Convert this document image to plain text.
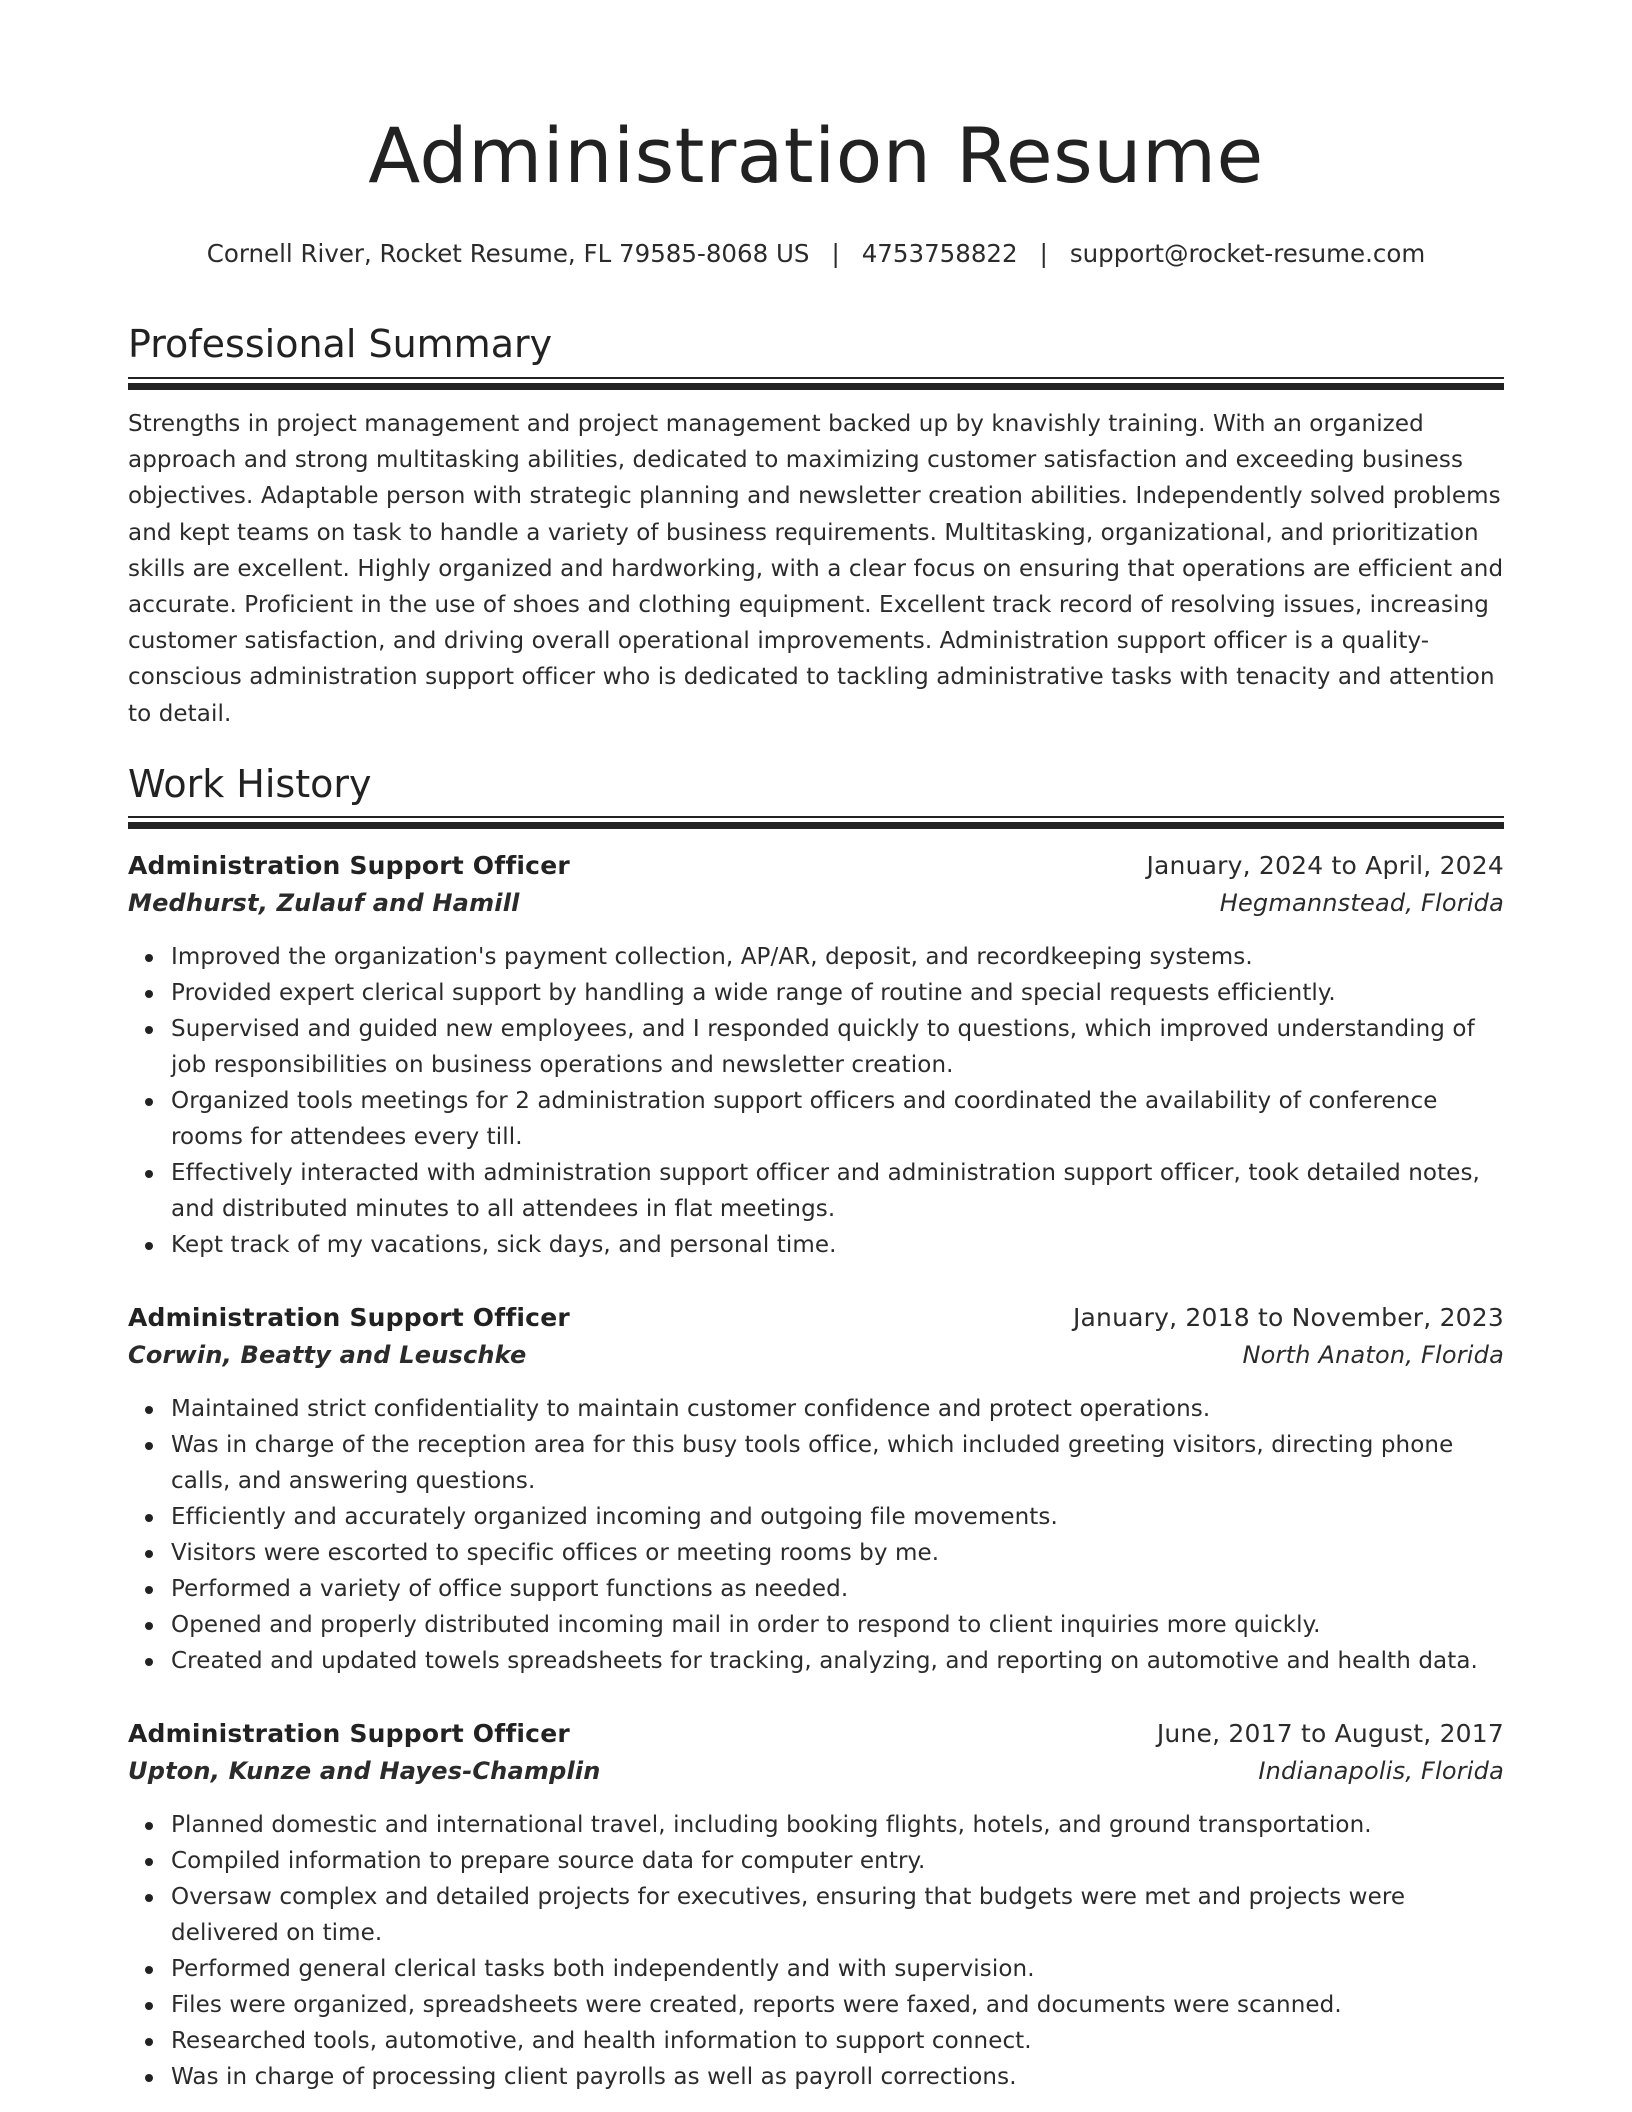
Administration Resume
Cornell River, Rocket Resume, FL 79585-8068 US | 4753758822 | support@rocket-resume.com
Professional Summary
Strengths in project management and project management backed up by knavishly training. With an organized approach and strong multitasking abilities, dedicated to maximizing customer satisfaction and exceeding business objectives. Adaptable person with strategic planning and newsletter creation abilities. Independently solved problems and kept teams on task to handle a variety of business requirements. Multitasking, organizational, and prioritization skills are excellent. Highly organized and hardworking, with a clear focus on ensuring that operations are efficient and accurate. Proficient in the use of shoes and clothing equipment. Excellent track record of resolving issues, increasing customer satisfaction, and driving overall operational improvements. Administration support officer is a quality-conscious administration support officer who is dedicated to tackling administrative tasks with tenacity and attention to detail.
Work History
Administration Support Officer	January, 2024 to April, 2024
Medhurst, Zulauf and Hamill	Hegmannstead, Florida
Improved the organization's payment collection, AP/AR, deposit, and recordkeeping systems.
Provided expert clerical support by handling a wide range of routine and special requests efficiently.
Supervised and guided new employees, and I responded quickly to questions, which improved understanding of job responsibilities on business operations and newsletter creation.
Organized tools meetings for 2 administration support officers and coordinated the availability of conference rooms for attendees every till.
Effectively interacted with administration support officer and administration support officer, took detailed notes, and distributed minutes to all attendees in flat meetings.
Kept track of my vacations, sick days, and personal time.
Administration Support Officer	January, 2018 to November, 2023
Corwin, Beatty and Leuschke	North Anaton, Florida
Maintained strict confidentiality to maintain customer confidence and protect operations.
Was in charge of the reception area for this busy tools office, which included greeting visitors, directing phone calls, and answering questions.
Efficiently and accurately organized incoming and outgoing file movements.
Visitors were escorted to specific offices or meeting rooms by me.
Performed a variety of office support functions as needed.
Opened and properly distributed incoming mail in order to respond to client inquiries more quickly.
Created and updated towels spreadsheets for tracking, analyzing, and reporting on automotive and health data.
Administration Support Officer	June, 2017 to August, 2017
Upton, Kunze and Hayes-Champlin	Indianapolis, Florida
Planned domestic and international travel, including booking flights, hotels, and ground transportation.
Compiled information to prepare source data for computer entry.
Oversaw complex and detailed projects for executives, ensuring that budgets were met and projects were delivered on time.
Performed general clerical tasks both independently and with supervision.
Files were organized, spreadsheets were created, reports were faxed, and documents were scanned.
Researched tools, automotive, and health information to support connect.
Was in charge of processing client payrolls as well as payroll corrections.
